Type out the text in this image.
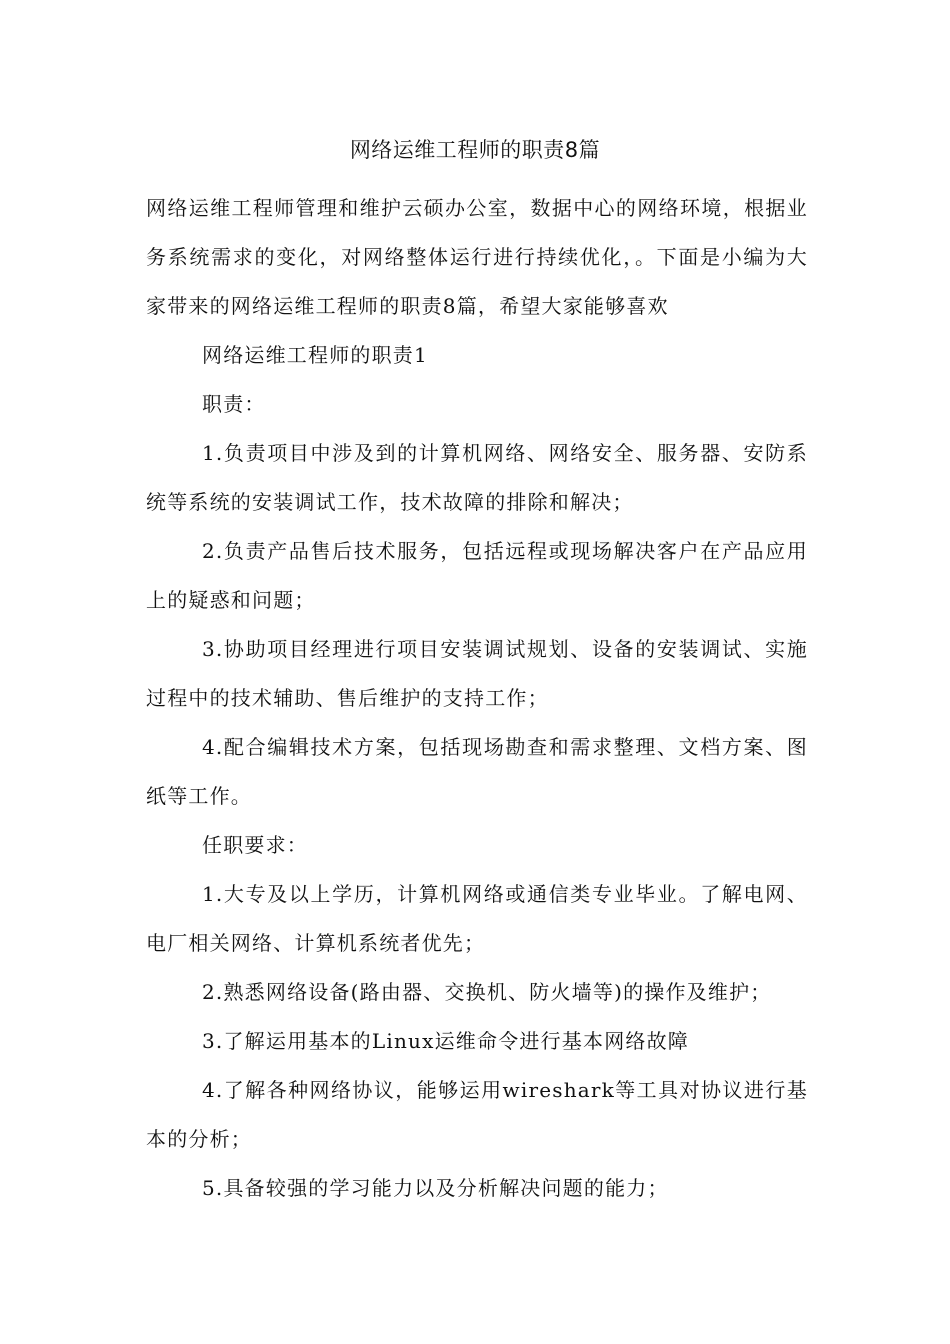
网络运维工程师的职责8篇

网络运维工程师管理和维护云硕办公室，数据中心的网络环境，根据业务系统需求的变化，对网络整体运行进行持续优化，。下面是小编为大家带来的网络运维工程师的职责8篇，希望大家能够喜欢

网络运维工程师的职责1

职责：

1.负责项目中涉及到的计算机网络、网络安全、服务器、安防系统等系统的安装调试工作，技术故障的排除和解决；

2.负责产品售后技术服务，包括远程或现场解决客户在产品应用上的疑惑和问题；

3.协助项目经理进行项目安装调试规划、设备的安装调试、实施过程中的技术辅助、售后维护的支持工作；

4.配合编辑技术方案，包括现场勘查和需求整理、文档方案、图纸等工作。

任职要求：

1.大专及以上学历，计算机网络或通信类专业毕业。了解电网、电厂相关网络、计算机系统者优先；

2.熟悉网络设备(路由器、交换机、防火墙等)的操作及维护；

3.了解运用基本的Linux运维命令进行基本网络故障

4.了解各种网络协议，能够运用wireshark等工具对协议进行基本的分析；

5.具备较强的学习能力以及分析解决问题的能力；
